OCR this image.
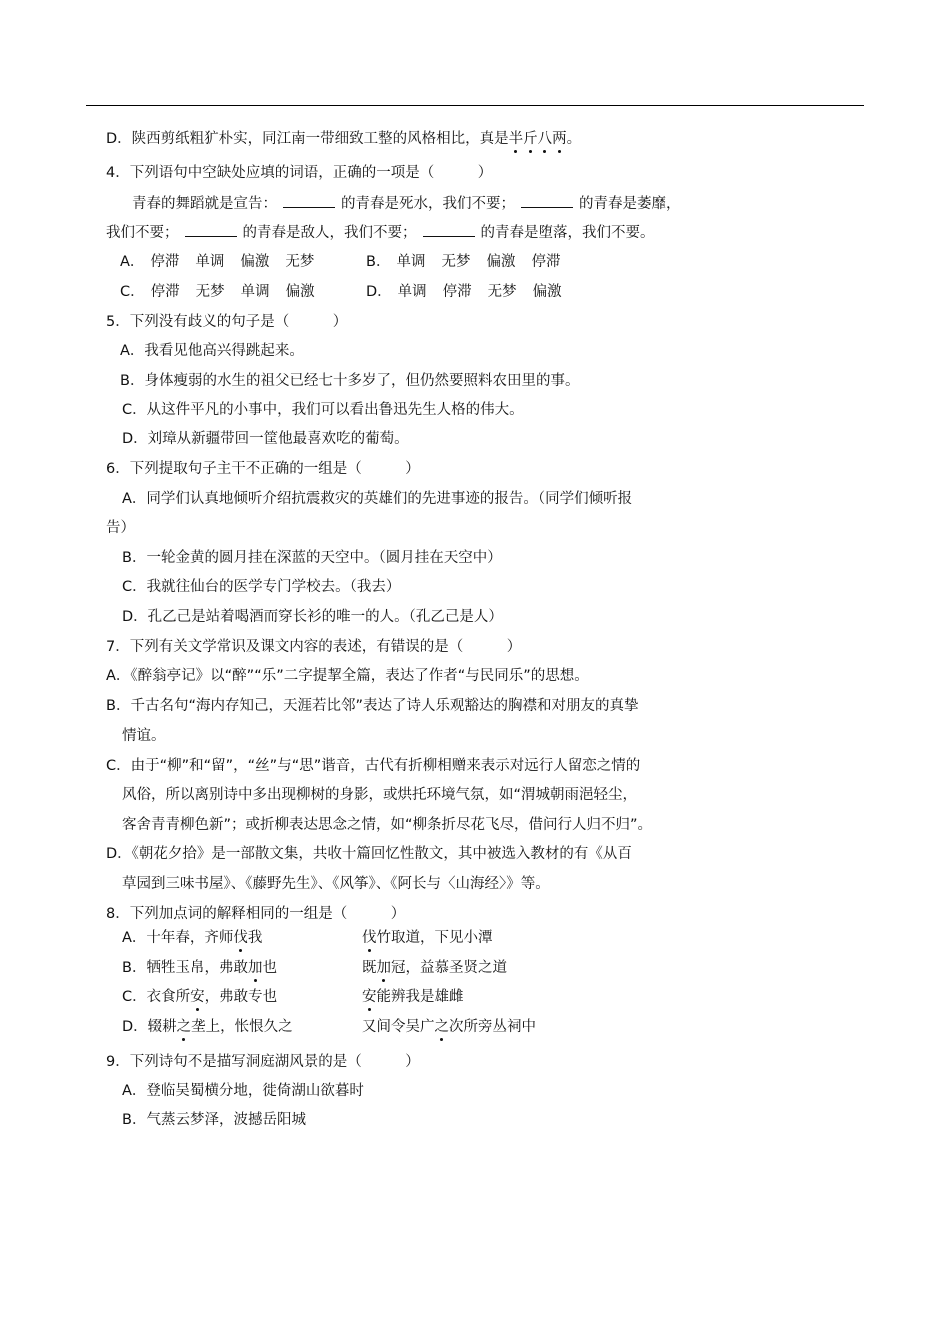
D．陕西剪纸粗犷朴实，同江南一带细致工整的风格相比，真是半斤八两。
4．下列语句中空缺处应填的词语，正确的一项是（　　　）
青春的舞蹈就是宣告：	的青春是死水，我们不要；	的青春是萎靡，
我们不要；	的青春是敌人，我们不要；	的青春是堕落，我们不要。
A． 停滞 单调 偏激 无梦	B． 单调 无梦 偏激 停滞
C． 停滞 无梦 单调 偏激	D． 单调 停滞 无梦 偏激
5．下列没有歧义的句子是（　　　）
A．我看见他高兴得跳起来。
B．身体瘦弱的水生的祖父已经七十多岁了，但仍然要照料农田里的事。
C．从这件平凡的小事中，我们可以看出鲁迅先生人格的伟大。
D．刘璋从新疆带回一筐他最喜欢吃的葡萄。
6．下列提取句子主干不正确的一组是（　　　）
A．同学们认真地倾听介绍抗震救灾的英雄们的先进事迹的报告。（同学们倾听报
告）
B．一轮金黄的圆月挂在深蓝的天空中。（圆月挂在天空中）
C．我就往仙台的医学专门学校去。（我去）
D．孔乙己是站着喝酒而穿长衫的唯一的人。（孔乙己是人）
7．下列有关文学常识及课文内容的表述，有错误的是（　　　）
A．《醉翁亭记》以“醉”“乐”二字提挈全篇，表达了作者“与民同乐”的思想。
B．千古名句“海内存知己，天涯若比邻”表达了诗人乐观豁达的胸襟和对朋友的真挚
情谊。
C．由于“柳”和“留”，“丝”与“思”谐音，古代有折柳相赠来表示对远行人留恋之情的
风俗，所以离别诗中多出现柳树的身影，或烘托环境气氛，如“渭城朝雨浥轻尘，
客舍青青柳色新”；或折柳表达思念之情，如“柳条折尽花飞尽，借问行人归不归”。
D．《朝花夕拾》是一部散文集，共收十篇回忆性散文，其中被选入教材的有《从百
草园到三味书屋》、《藤野先生》、《风筝》、《阿长与〈山海经〉》等。
8．下列加点词的解释相同的一组是（　　　）
A．十年春，齐师伐我	伐竹取道，下见小潭
B．牺牲玉帛，弗敢加也	既加冠，益慕圣贤之道
C．衣食所安，弗敢专也	安能辨我是雄雌
D．辍耕之垄上，怅恨久之	又间令吴广之次所旁丛祠中
9．下列诗句不是描写洞庭湖风景的是（　　　）
A．登临吴蜀横分地，徙倚湖山欲暮时
B．气蒸云梦泽，波撼岳阳城
